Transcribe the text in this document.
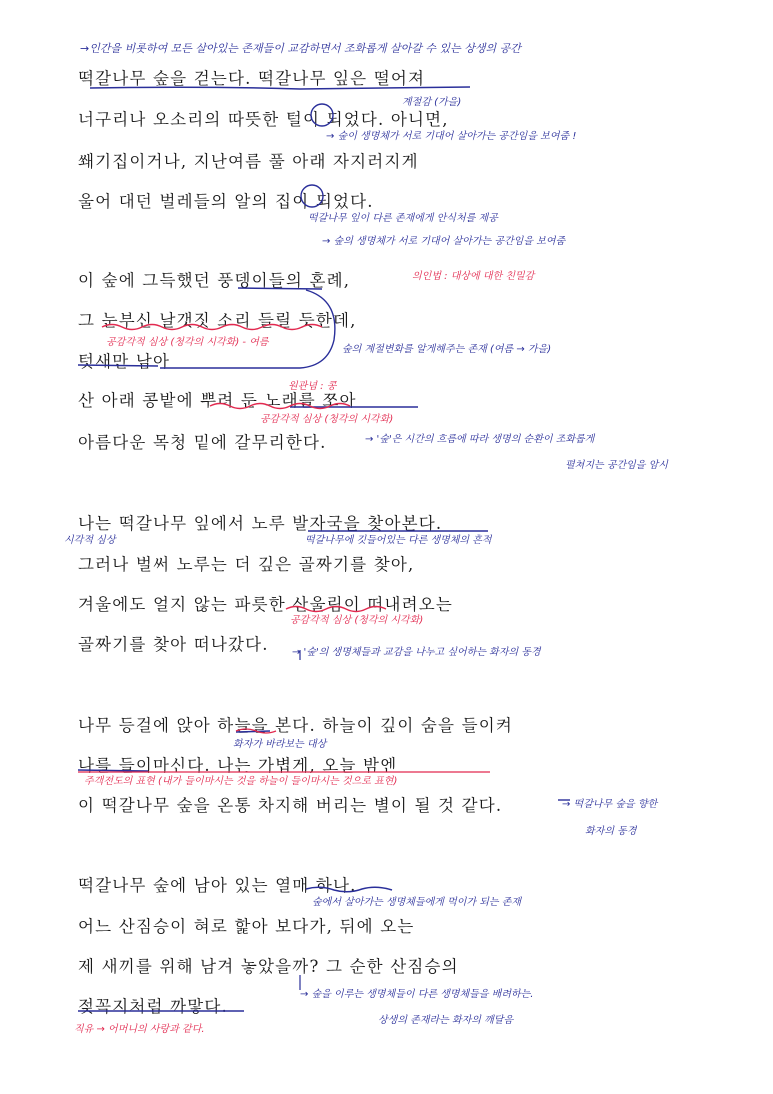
떡갈나무 숲을 걷는다. 떡갈나무 잎은 떨어져
너구리나 오소리의 따뜻한 털이 되었다. 아니면,
쐐기집이거나, 지난여름 풀 아래 자지러지게
울어 대던 벌레들의 알의 집이 되었다.
이 숲에 그득했던 풍뎅이들의 혼례,
그 눈부신 날갯짓 소리 들릴 듯한데,
텃새만 남아
산 아래 콩밭에 뿌려 둔 노래를 쪼아
아름다운 목청 밑에 갈무리한다.
나는 떡갈나무 잎에서 노루 발자국을 찾아본다.
그러나 벌써 노루는 더 깊은 골짜기를 찾아,
겨울에도 얼지 않는 파릇한 산울림이 떠내려오는
골짜기를 찾아 떠나갔다.
나무 등걸에 앉아 하늘을 본다. 하늘이 깊이 숨을 들이켜
나를 들이마신다. 나는 가볍게, 오늘 밤엔
이 떡갈나무 숲을 온통 차지해 버리는 별이 될 것 같다.
떡갈나무 숲에 남아 있는 열매 하나.
어느 산짐승이 혀로 핥아 보다가, 뒤에 오는
제 새끼를 위해 남겨 놓았을까? 그 순한 산짐승의
젖꼭지처럼 까맣다.
→인간을 비롯하여 모든 살아있는 존재들이 교감하면서 조화롭게 살아갈 수 있는 상생의 공간
계절감 (가을)
→ 숲이 생명체가 서로 기대어 살아가는 공간임을 보여줌 !
떡갈나무 잎이 다른 존재에게 안식처를 제공
→ 숲의 생명체가 서로 기대어 살아가는 공간임을 보여줌
의인법 : 대상에 대한 친밀감
공감각적 심상 (청각의 시각화) - 여름
숲의 계절변화를 알게해주는 존재 (여름 → 가을)
원관념 : 콩
공감각적 심상 (청각의 시각화)
→ '숲'은 시간의 흐름에 따라 생명의 순환이 조화롭게
펼쳐지는 공간임을 암시
시각적 심상	떡갈나무에 깃들어있는 다른 생명체의 흔적
공감각적 심상 (청각의 시각화)
→ '숲'의 생명체들과 교감을 나누고 싶어하는 화자의 동경
화자가 바라보는 대상
주객전도의 표현 (내가 들이마시는 것을 하늘이 들이마시는 것으로 표현)
→ 떡갈나무 숲을 향한
화자의 동경
숲에서 살아가는 생명체들에게 먹이가 되는 존재
→ 숲을 이루는 생명체들이 다른 생명체들을 배려하는.
상생의 존재라는 화자의 깨달음
직유 → 어머니의 사랑과 같다.
